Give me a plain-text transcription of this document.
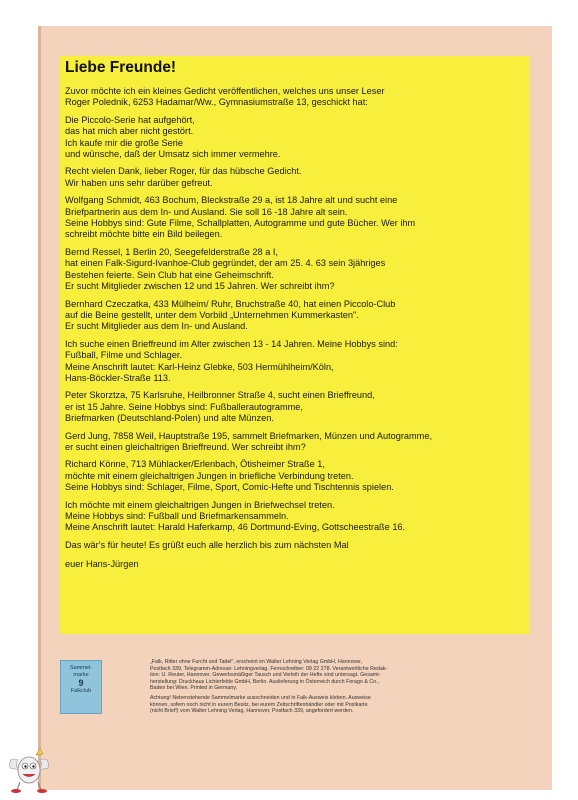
Liebe Freunde!
Zuvor möchte ich ein kleines Gedicht veröffentlichen, welches uns unser Leser
Roger Polednik, 6253 Hadamar/Ww., Gymnasiumstraße 13, geschickt hat:
Die Piccolo-Serie hat aufgehört,
das hat mich aber nicht gestört.
Ich kaufe mir die große Serie
und wünsche, daß der Umsatz sich immer vermehre.
Recht vielen Dank, lieber Roger, für das hübsche Gedicht.
Wir haben uns sehr darüber gefreut.
Wolfgang Schmidt, 463 Bochum, Bleckstraße 29 a, ist 18 Jahre alt und sucht eine
Briefpartnerin aus dem In- und Ausland. Sie soll 16 -18 Jahre alt sein.
Seine Hobbys sind: Gute Filme, Schallplatten, Autogramme und gute Bücher. Wer ihm
schreibt möchte bitte ein Bild beilegen.
Bernd Ressel, 1 Berlin 20, Seegefelderstraße 28 a I,
hat einen Falk-Sigurd-Ivanhoe-Club gegründet, der am 25. 4. 63 sein 3jähriges
Bestehen feierte. Sein Club hat eine Geheimschrift.
Er sucht Mitglieder zwischen 12 und 15 Jahren. Wer schreibt ihm?
Bernhard Czeczatka, 433 Mülheim/ Ruhr, Bruchstraße 40, hat einen Piccolo-Club
auf die Beine gestellt, unter dem Vorbild „Unternehmen Kummerkasten".
Er sucht Mitglieder aus dem In- und Ausland.
Ich suche einen Brieffreund im Alter zwischen 13 - 14 Jahren. Meine Hobbys sind:
Fußball, Filme und Schlager.
Meine Anschrift lautet: Karl-Heinz Glebke, 503 Hermühlheim/Köln,
Hans-Böckler-Straße 113.
Peter Skorztza, 75 Karlsruhe, Heilbronner Straße 4, sucht einen Brieffreund,
er ist 15 Jahre. Seine Hobbys sind: Fußballerautogramme,
Briefmarken (Deutschland-Polen) und alte Münzen.
Gerd Jung, 7858 Weil, Hauptstraße 195, sammelt Briefmarken, Münzen und Autogramme,
er sucht einen gleichaltrigen Brieffreund. Wer schreibt ihm?
Richard Könne, 713 Mühlacker/Erlenbach, Ötisheimer Straße 1,
möchte mit einem gleichaltrigen Jungen in briefliche Verbindung treten.
Seine Hobbys sind: Schlager, Filme, Sport, Comic-Hefte und Tischtennis spielen.
Ich möchte mit einem gleichaltrigen Jungen in Briefwechsel treten.
Meine Hobbys sind: Fußball und Briefmarkensammeln.
Meine Anschrift lautet: Harald Haferkamp, 46 Dortmund-Eving, Gottscheestraße 16.
Das wär's für heute! Es grüßt euch alle herzlich bis zum nächsten Mal
euer Hans-Jürgen
Sammel-
marke
9
Falkclub
„Falk, Ritter ohne Furcht und Tadel", erscheint im Walter Lehning Verlag GmbH, Hannover,
Postfach 339, Telegramm-Adresse: Lehningverlag, Fernschreiber: 09 22 278. Verantwortliche Redak-
tion: U. Reuter, Hannover. Gewerbsmäßiger Tausch und Verleih der Hefte sind untersagt. Gesamt-
herstellung: Druckhaus Lichterfelde GmbH, Berlin. Auslieferung in Österreich durch Forago & Co.,
Baden bei Wien. Printed in Germany.
Achtung! Nebenstehende Sammelmarke ausschneiden und in Falk-Ausweis kleben. Ausweise
können, sofern noch nicht in eurem Besitz, bei eurem Zeitschriftenhändler oder mit Postkarte
(nicht Brief!) vom Walter Lehning Verlag, Hannover, Postfach 339, angefordert werden.
